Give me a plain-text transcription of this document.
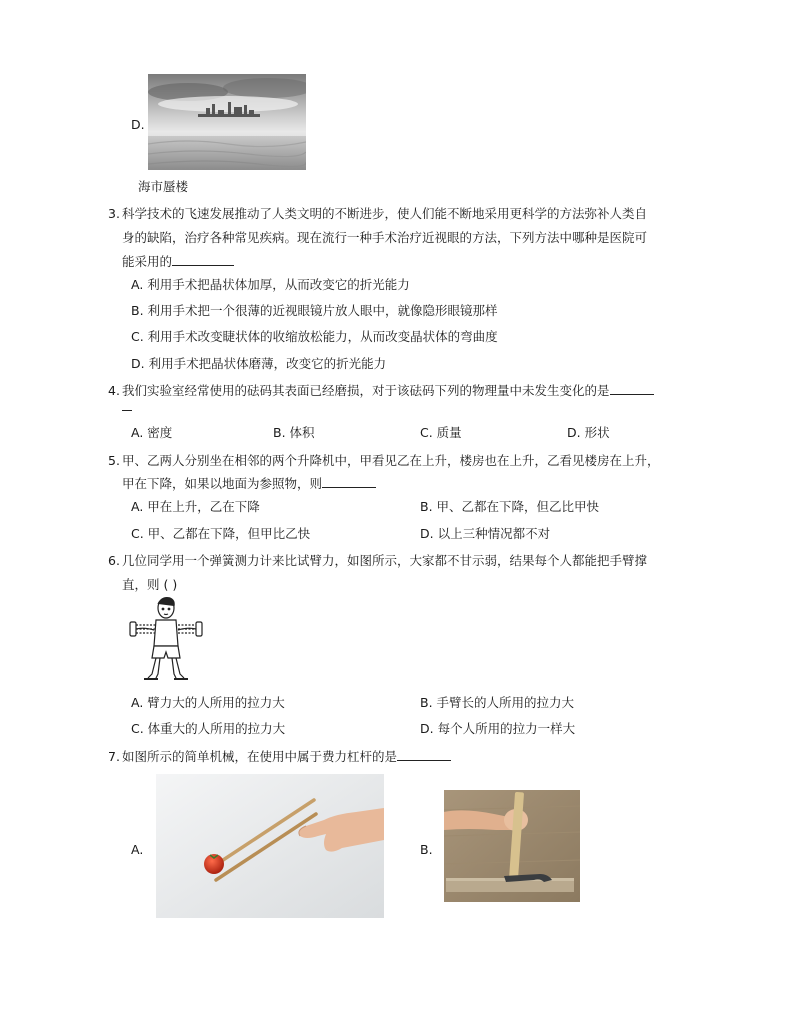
D.
海市蜃楼
3. 科学技术的飞速发展推动了人类文明的不断进步，使人们能不断地采用更科学的方法弥补人类自
身的缺陷，治疗各种常见疾病。现在流行一种手术治疗近视眼的方法，下列方法中哪种是医院可
能采用的
A. 利用手术把晶状体加厚，从而改变它的折光能力
B. 利用手术把一个很薄的近视眼镜片放人眼中，就像隐形眼镜那样
C. 利用手术改变睫状体的收缩放松能力，从而改变晶状体的弯曲度
D. 利用手术把晶状体磨薄，改变它的折光能力
4. 我们实验室经常使用的砝码其表面已经磨损，对于该砝码下列的物理量中未发生变化的是
A. 密度	B. 体积	C. 质量	D. 形状
5. 甲、乙两人分别坐在相邻的两个升降机中，甲看见乙在上升，楼房也在上升，乙看见楼房在上升，
甲在下降，如果以地面为参照物，则
A. 甲在上升，乙在下降	B. 甲、乙都在下降，但乙比甲快
C. 甲、乙都在下降，但甲比乙快	D. 以上三种情况都不对
6. 几位同学用一个弹簧测力计来比试臂力，如图所示，大家都不甘示弱，结果每个人都能把手臂撑
直，则 ( )
A. 臂力大的人所用的拉力大	B. 手臂长的人所用的拉力大
C. 体重大的人所用的拉力大	D. 每个人所用的拉力一样大
7. 如图所示的简单机械，在使用中属于费力杠杆的是
A.	B.
